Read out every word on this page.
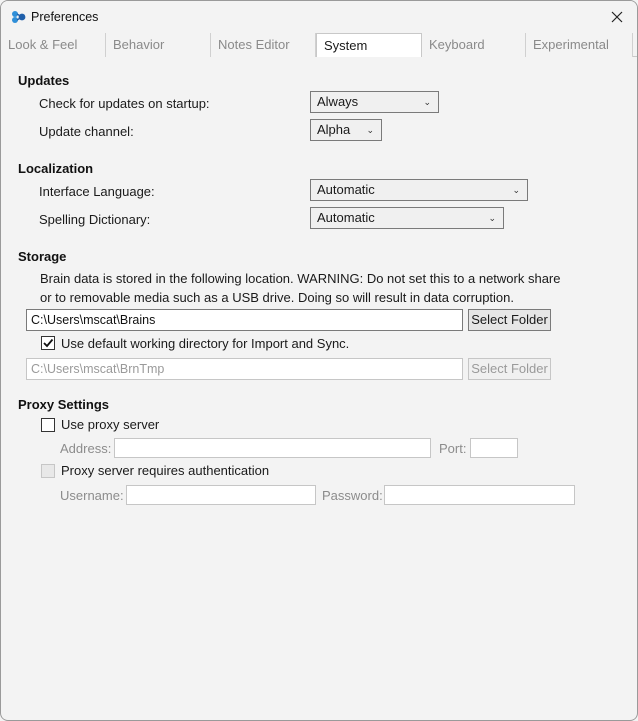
Preferences
Look & Feel	Behavior	Notes Editor	System	Keyboard	Experimental
Updates
Check for updates on startup:	Always	⌄
Update channel:	Alpha ⌄
Localization
Interface Language:	Automatic	⌄
Spelling Dictionary:	Automatic	⌄
Storage
Brain data is stored in the following location. WARNING: Do not set this to a network share
or to removable media such as a USB drive. Doing so will result in data corruption.
C:\Users\mscat\Brains	Select Folder
Use default working directory for Import and Sync.
C:\Users\mscat\BrnTmp	Select Folder
Proxy Settings
Use proxy server
Address:	Port:
Proxy server requires authentication
Username:	Password:
